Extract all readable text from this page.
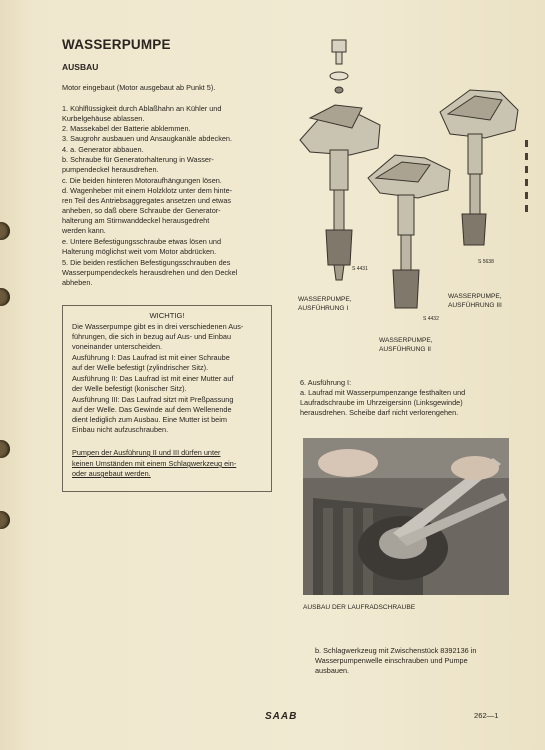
WASSERPUMPE
AUSBAU
Motor eingebaut (Motor ausgebaut ab Punkt 5).
1. Kühlflüssigkeit durch Ablaßhahn an Kühler und
Kurbelgehäuse ablassen.
2. Massekabel der Batterie abklemmen.
3. Saugrohr ausbauen und Ansaugkanäle abdecken.
4. a. Generator abbauen.
b. Schraube für Generatorhalterung in Wasser-
pumpendeckel herausdrehen.
c. Die beiden hinteren Motoraufhängungen lösen.
d. Wagenheber mit einem Holzklotz unter dem hinte-
ren Teil des Antriebsaggregates ansetzen und etwas
anheben, so daß obere Schraube der Generator-
halterung am Stirnwanddeckel herausgedreht
werden kann.
e. Untere Befestigungsschraube etwas lösen und
Halterung möglichst weit vom Motor abdrücken.
5. Die beiden restlichen Befestigungsschrauben des
Wasserpumpendeckels herausdrehen und den Deckel
abheben.
WICHTIG!
Die Wasserpumpe gibt es in drei verschiedenen Aus-
führungen, die sich in bezug auf Aus- und Einbau
voneinander unterscheiden.
Ausführung I: Das Laufrad ist mit einer Schraube
auf der Welle befestigt (zylindrischer Sitz).
Ausführung II: Das Laufrad ist mit einer Mutter auf
der Welle befestigt (konischer Sitz).
Ausführung III: Das Laufrad sitzt mit Preßpassung
auf der Welle. Das Gewinde auf dem Wellenende
dient lediglich zum Ausbau. Eine Mutter ist beim
Einbau nicht aufzuschrauben.
Pumpen der Ausführung II und III dürfen unter
keinen Umständen mit einem Schlagwerkzeug ein-
oder ausgebaut werden.
S 4431
S 5638
S 4432
WASSERPUMPE,
AUSFÜHRUNG I
WASSERPUMPE,
AUSFÜHRUNG III
WASSERPUMPE,
AUSFÜHRUNG II
6. Ausführung I:
a. Laufrad mit Wasserpumpenzange festhalten und
Laufradschraube im Uhrzeigersinn (Linksgewinde)
herausdrehen. Scheibe darf nicht verlorengehen.
AUSBAU DER LAUFRADSCHRAUBE
b. Schlagwerkzeug mit Zwischenstück 8392136 in
Wasserpumpenwelle einschrauben und Pumpe
ausbauen.
SAAB	262—1
